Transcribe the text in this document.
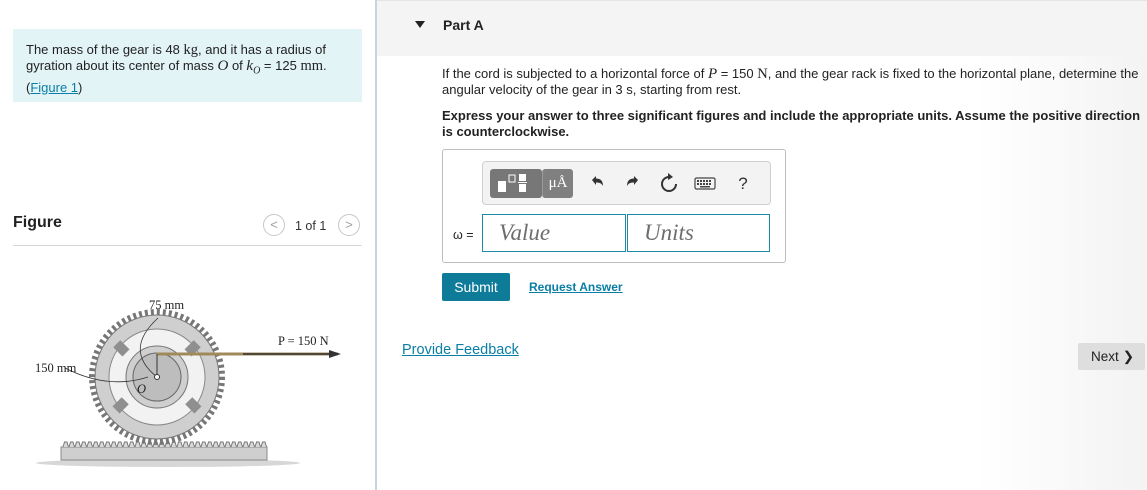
The mass of the gear is 48 kg, and it has a radius of gyration about its center of mass O of $k_O = 125$ mm.
(Figure 1)
Figure	<	1 of 1	>
75 mm
150 mm
P = 150 N
O
Part A
If the cord is subjected to a horizontal force of P = 150 N, and the gear rack is fixed to the horizontal plane, determine the angular velocity of the gear in 3 s, starting from rest.
Express your answer to three significant figures and include the appropriate units. Assume the positive direction is counterclockwise.
μÅ	?
ω =
Value
Units
Submit	Request Answer
Provide Feedback	Next ❯
